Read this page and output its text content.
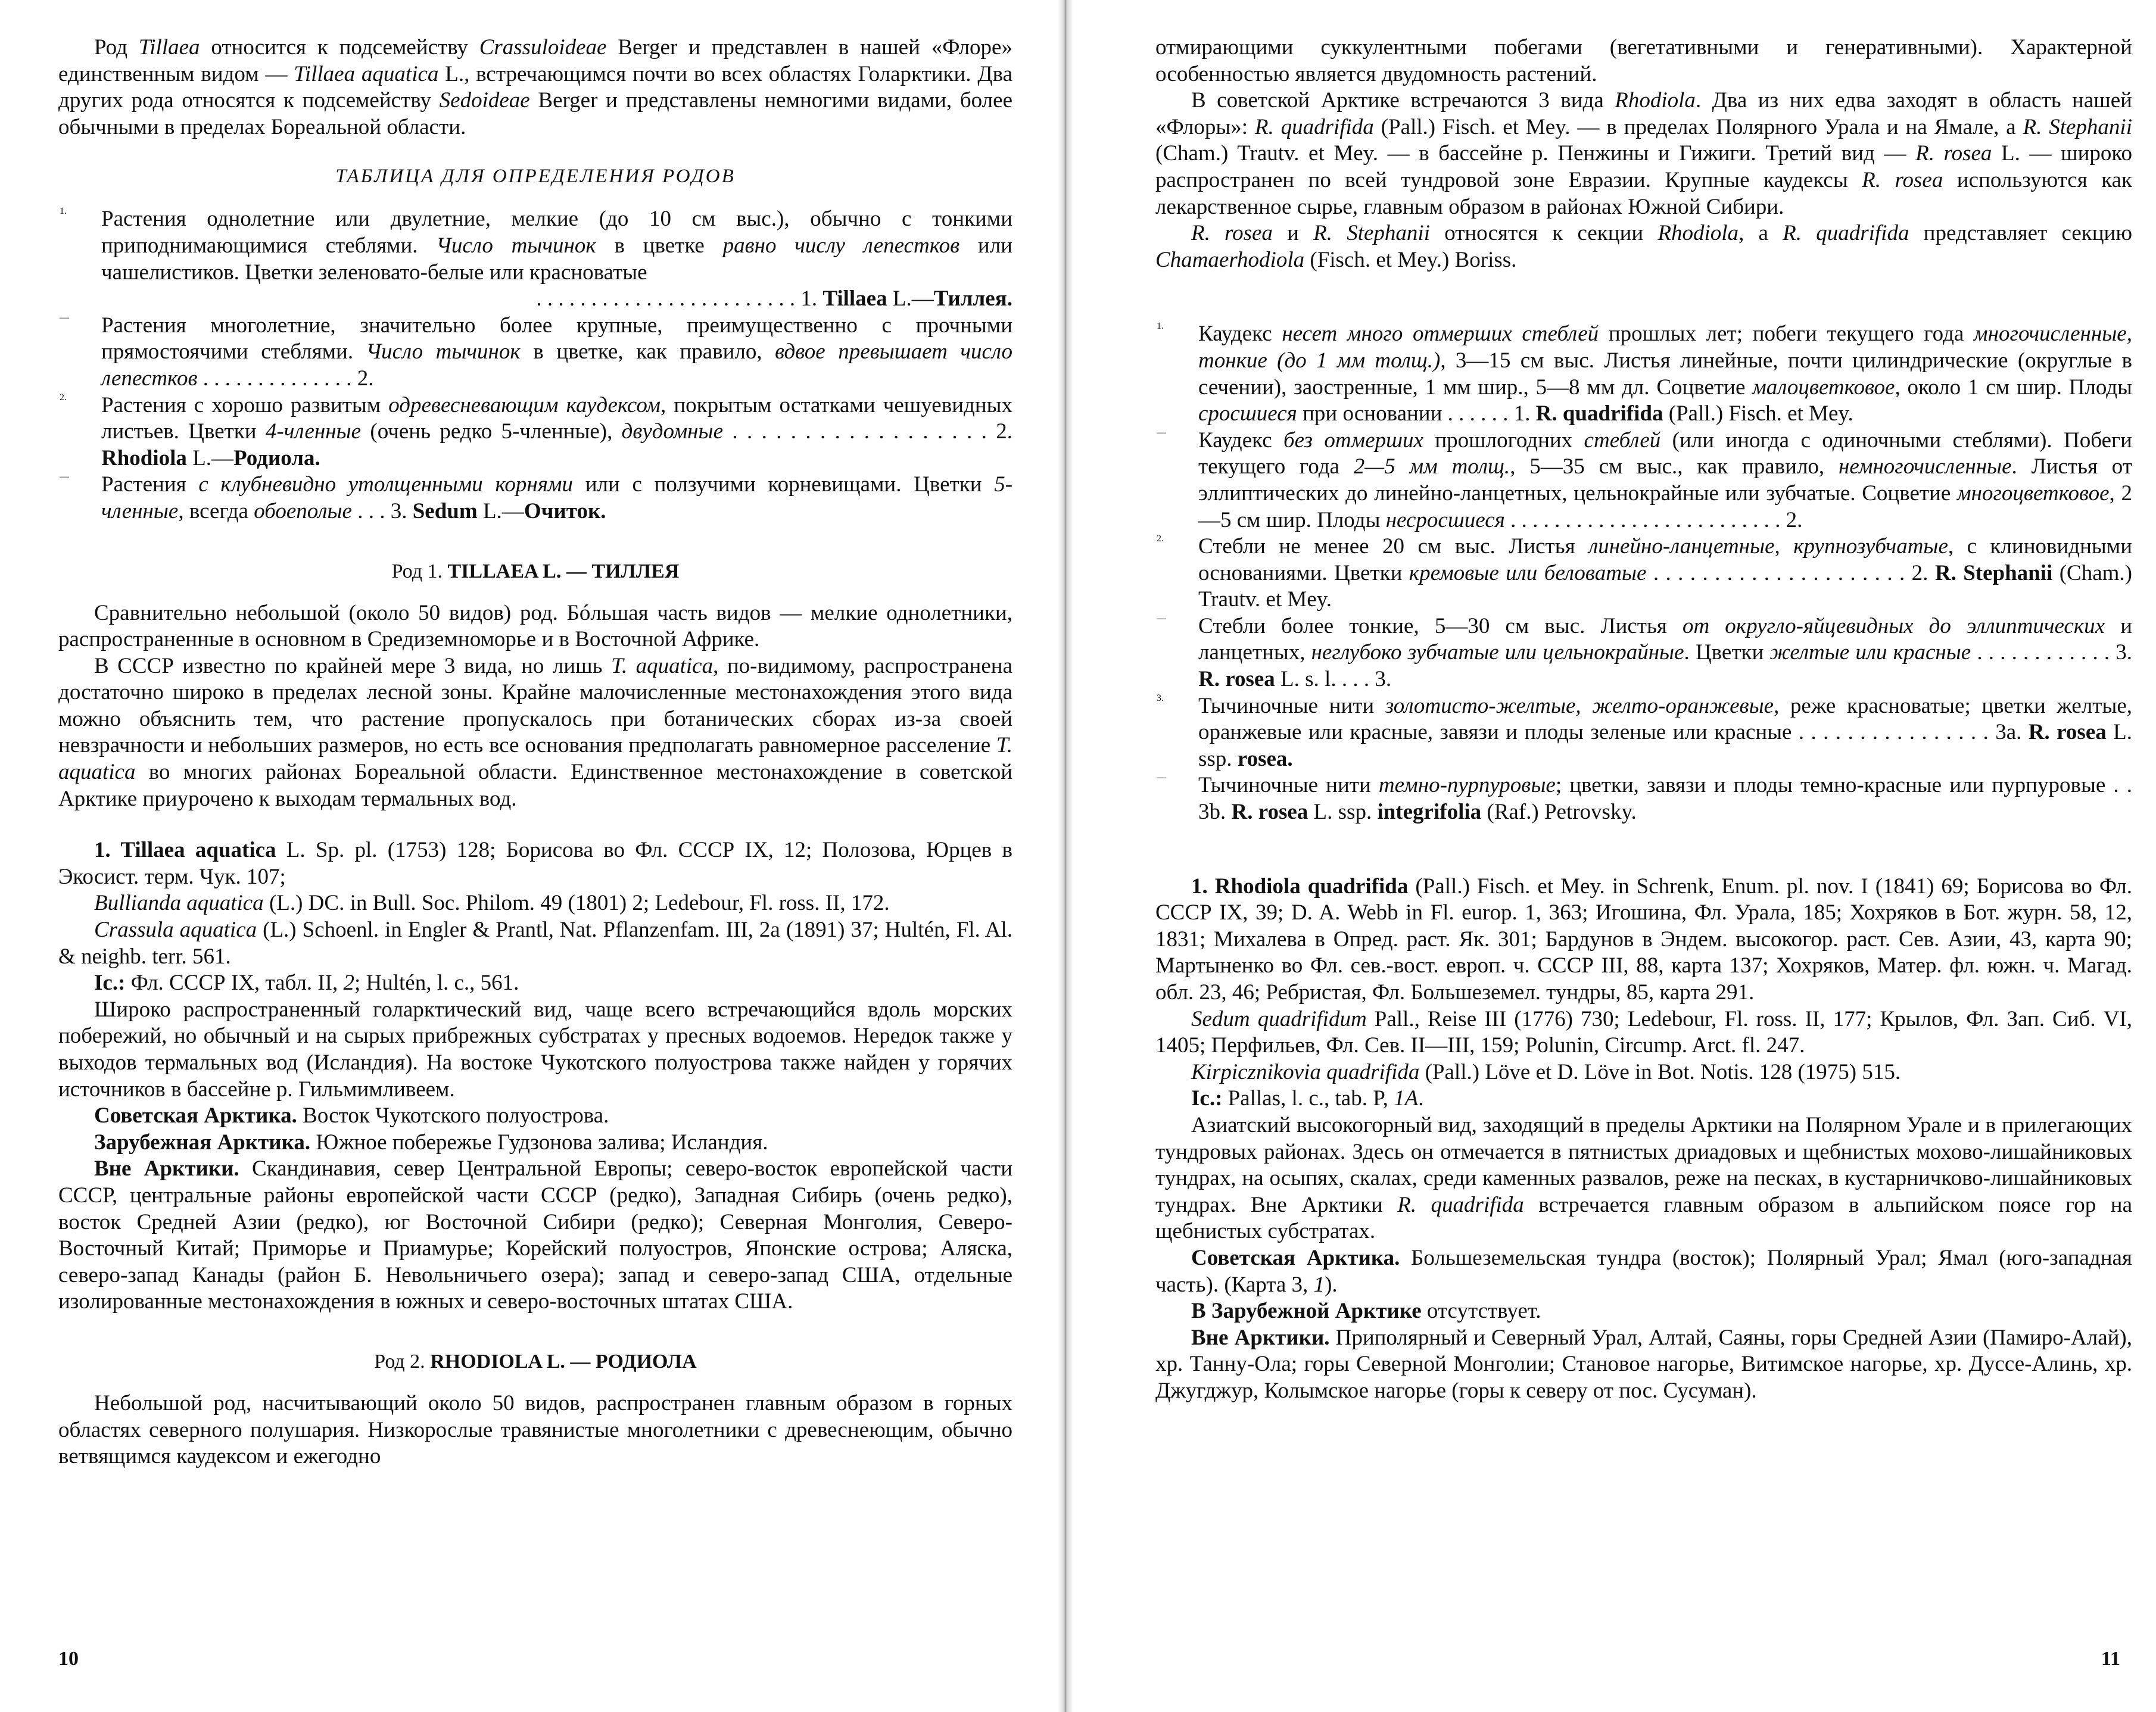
Род Tillaea относится к подсемейству Crassuloideae Berger и представлен в нашей «Флоре» единственным видом — Tillaea aquatica L., встречающимся почти во всех областях Голарктики. Два других рода относятся к подсемейству Sedoideae Berger и представлены немногими видами, более обычными в пределах Бореальной области.

ТАБЛИЦА ДЛЯ ОПРЕДЕЛЕНИЯ РОДОВ
1. Растения однолетние или двулетние, мелкие (до 10 см выс.), обычно с тонкими приподнимающимися стеблями. Число тычинок в цветке равно числу лепестков или чашелистиков. Цветки зеленовато-белые или красноватые

. . . . . . . . . . . . . . . . . . . . . . . . 1. Tillaea L.—Тиллея.

— Растения многолетние, значительно более крупные, преимущественно с прочными прямостоячими стеблями. Число тычинок в цветке, как правило, вдвое превышает число лепестков . . . . . . . . . . . . . . 2.

2. Растения с хорошо развитым одревесневающим каудексом, покрытым остатками чешуевидных листьев. Цветки 4-членные (очень редко 5-членные), двудомные . . . . . . . . . . . . . . . . . . 2. Rhodiola L.—Родиола.

— Растения с клубневидно утолщенными корнями или с ползучими корневищами. Цветки 5-членные, всегда обоеполые . . . 3. Sedum L.—Очиток.

Род 1. TILLAEA L. — ТИЛЛЕЯ

Сравнительно небольшой (около 50 видов) род. Бóльшая часть видов — мелкие однолетники, распространенные в основном в Средиземноморье и в Восточной Африке.

В СССР известно по крайней мере 3 вида, но лишь T. aquatica, по-видимому, распространена достаточно широко в пределах лесной зоны. Крайне малочисленные местонахождения этого вида можно объяснить тем, что растение пропускалось при ботанических сборах из-за своей невзрачности и небольших размеров, но есть все основания предполагать равномерное расселение T. aquatica во многих районах Бореальной области. Единственное местонахождение в советской Арктике приурочено к выходам термальных вод.

1. Tillaea aquatica L. Sp. pl. (1753) 128; Борисова во Фл. СССР IX, 12; Полозова, Юрцев в Экосист. терм. Чук. 107;

Bullianda aquatica (L.) DC. in Bull. Soc. Philom. 49 (1801) 2; Ledebour, Fl. ross. II, 172.

Crassula aquatica (L.) Schoenl. in Engler & Prantl, Nat. Pflanzenfam. III, 2a (1891) 37; Hultén, Fl. Al. & neighb. terr. 561.

Ic.: Фл. СССР IX, табл. II, 2; Hultén, l. c., 561.

Широко распространенный голарктический вид, чаще всего встречающийся вдоль морских побережий, но обычный и на сырых прибрежных субстратах у пресных водоемов. Нередок также у выходов термальных вод (Исландия). На востоке Чукотского полуострова также найден у горячих источников в бассейне р. Гильмимливеем.

Советская Арктика. Восток Чукотского полуострова.

Зарубежная Арктика. Южное побережье Гудзонова залива; Исландия.

Вне Арктики. Скандинавия, север Центральной Европы; северо-восток европейской части СССР, центральные районы европейской части СССР (редко), Западная Сибирь (очень редко), восток Средней Азии (редко), юг Восточной Сибири (редко); Северная Монголия, Северо-Восточный Китай; Приморье и Приамурье; Корейский полуостров, Японские острова; Аляска, северо-запад Канады (район Б. Невольничьего озера); запад и северо-запад США, отдельные изолированные местонахождения в южных и северо-восточных штатах США.

Род 2. RHODIOLA L. — РОДИОЛА

Небольшой род, насчитывающий около 50 видов, распространен главным образом в горных областях северного полушария. Низкорослые травянистые многолетники с древеснеющим, обычно ветвящимся каудексом и ежегодно

10

отмирающими суккулентными побегами (вегетативными и генеративными). Характерной особенностью является двудомность растений.

В советской Арктике встречаются 3 вида Rhodiola. Два из них едва заходят в область нашей «Флоры»: R. quadrifida (Pall.) Fisch. et Mey. — в пределах Полярного Урала и на Ямале, а R. Stephanii (Cham.) Trautv. et Mey. — в бассейне р. Пенжины и Гижиги. Третий вид — R. rosea L. — широко распространен по всей тундровой зоне Евразии. Крупные каудексы R. rosea используются как лекарственное сырье, главным образом в районах Южной Сибири.

R. rosea и R. Stephanii относятся к секции Rhodiola, а R. quadrifida представляет секцию Chamaerhodiola (Fisch. et Mey.) Boriss.

1. Каудекс несет много отмерших стеблей прошлых лет; побеги текущего года многочисленные, тонкие (до 1 мм толщ.), 3—15 см выс. Листья линейные, почти цилиндрические (округлые в сечении), заостренные, 1 мм шир., 5—8 мм дл. Соцветие малоцветковое, около 1 см шир. Плоды сросшиеся при основании . . . . . . 1. R. quadrifida (Pall.) Fisch. et Mey.

— Каудекс без отмерших прошлогодних стеблей (или иногда с одиночными стеблями). Побеги текущего года 2—5 мм толщ., 5—35 см выс., как правило, немногочисленные. Листья от эллиптических до линейно-ланцетных, цельнокрайные или зубчатые. Соцветие многоцветковое, 2—5 см шир. Плоды несросшиеся . . . . . . . . . . . . . . . . . . . . . . . . . 2.

2. Стебли не менее 20 см выс. Листья линейно-ланцетные, крупнозубчатые, с клиновидными основаниями. Цветки кремовые или беловатые . . . . . . . . . . . . . . . . . . . . . 2. R. Stephanii (Cham.) Trautv. et Mey.

— Стебли более тонкие, 5—30 см выс. Листья от округло-яйцевидных до эллиптических и ланцетных, неглубоко зубчатые или цельнокрайные. Цветки желтые или красные . . . . . . . . . . . . 3. R. rosea L. s. l. . . . 3.

3. Тычиночные нити золотисто-желтые, желто-оранжевые, реже красноватые; цветки желтые, оранжевые или красные, завязи и плоды зеленые или красные . . . . . . . . . . . . . . . . 3а. R. rosea L. ssp. rosea.

— Тычиночные нити темно-пурпуровые; цветки, завязи и плоды темно-красные или пурпуровые . . 3b. R. rosea L. ssp. integrifolia (Raf.) Petrovsky.

1. Rhodiola quadrifida (Pall.) Fisch. et Mey. in Schrenk, Enum. pl. nov. I (1841) 69; Борисова во Фл. СССР IX, 39; D. A. Webb in Fl. europ. 1, 363; Игошина, Фл. Урала, 185; Хохряков в Бот. журн. 58, 12, 1831; Михалева в Опред. раст. Як. 301; Бардунов в Эндем. высокогор. раст. Сев. Азии, 43, карта 90; Мартыненко во Фл. сев.-вост. европ. ч. СССР III, 88, карта 137; Хохряков, Матер. фл. южн. ч. Магад. обл. 23, 46; Ребристая, Фл. Большеземел. тундры, 85, карта 291.

Sedum quadrifidum Pall., Reise III (1776) 730; Ledebour, Fl. ross. II, 177; Крылов, Фл. Зап. Сиб. VI, 1405; Перфильев, Фл. Сев. II—III, 159; Polunin, Circump. Arct. fl. 247.

Kirpicznikovia quadrifida (Pall.) Löve et D. Löve in Bot. Notis. 128 (1975) 515.

Ic.: Pallas, l. c., tab. P, 1A.

Азиатский высокогорный вид, заходящий в пределы Арктики на Полярном Урале и в прилегающих тундровых районах. Здесь он отмечается в пятнистых дриадовых и щебнистых мохово-лишайниковых тундрах, на осыпях, скалах, среди каменных развалов, реже на песках, в кустарничково-лишайниковых тундрах. Вне Арктики R. quadrifida встречается главным образом в альпийском поясе гор на щебнистых субстратах.

Советская Арктика. Большеземельская тундра (восток); Полярный Урал; Ямал (юго-западная часть). (Карта 3, 1).

В Зарубежной Арктике отсутствует.

Вне Арктики. Приполярный и Северный Урал, Алтай, Саяны, горы Средней Азии (Памиро-Алай), хр. Танну-Ола; горы Северной Монголии; Становое нагорье, Витимское нагорье, хр. Дуссе-Алинь, хр. Джугджур, Колымское нагорье (горы к северу от пос. Сусуман).

11
